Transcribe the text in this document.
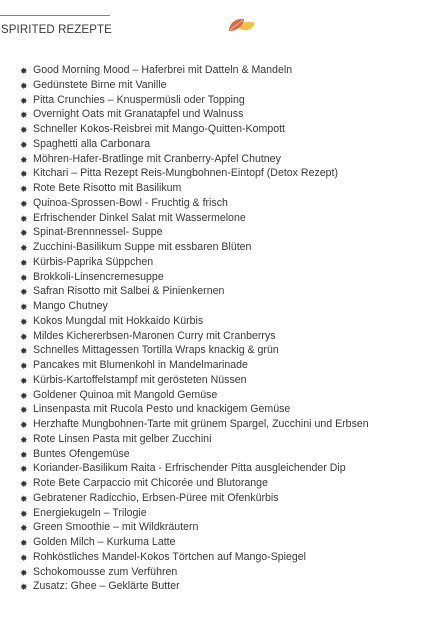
SPIRITED REZEPTE
✸ Good Morning Mood – Haferbrei mit Datteln & Mandeln
✸ Gedünstete Birne mit Vanille
✸ Pitta Crunchies – Knuspermüsli oder Topping
✸ Overnight Oats mit Granatapfel und Walnuss
✸ Schneller Kokos-Reisbrei mit Mango-Quitten-Kompott
✸ Spaghetti alla Carbonara
✸ Möhren-Hafer-Bratlinge mit Cranberry-Apfel Chutney
✸ Kitchari – Pitta Rezept Reis-Mungbohnen-Eintopf (Detox Rezept)
✸ Rote Bete Risotto mit Basilikum
✸ Quinoa-Sprossen-Bowl - Fruchtig & frisch
✸ Erfrischender Dinkel Salat mit Wassermelone
✸ Spinat-Brennnessel- Suppe
✸ Zucchini-Basilikum Suppe mit essbaren Blüten
✸ Kürbis-Paprika Süppchen
✸ Brokkoli-Linsencremesuppe
✸ Safran Risotto mit Salbei & Pinienkernen
✸ Mango Chutney
✸ Kokos Mungdal mit Hokkaido Kürbis
✸ Mildes Kichererbsen-Maronen Curry mit Cranberrys
✸ Schnelles Mittagessen Tortilla Wraps knackig & grün
✸ Pancakes mit Blumenkohl in Mandelmarinade
✸ Kürbis-Kartoffelstampf mit gerösteten Nüssen
✸ Goldener Quinoa mit Mangold Gemüse
✸ Linsenpasta mit Rucola Pesto und knackigem Gemüse
✸ Herzhafte Mungbohnen-Tarte mit grünem Spargel, Zucchini und Erbsen
✸ Rote Linsen Pasta mit gelber Zucchini
✸ Buntes Ofengemüse
✸ Koriander-Basilikum Raita - Erfrischender Pitta ausgleichender Dip
✸ Rote Bete Carpaccio mit Chicorée und Blutorange
✸ Gebratener Radicchio, Erbsen-Püree mit Ofenkürbis
✸ Energiekugeln – Trilogie
✸ Green Smoothie – mit Wildkräutern
✸ Golden Milch – Kurkuma Latte
✸ Rohköstliches Mandel-Kokos Törtchen auf Mango-Spiegel
✸ Schokomousse zum Verführen
✸ Zusatz: Ghee – Geklärte Butter
